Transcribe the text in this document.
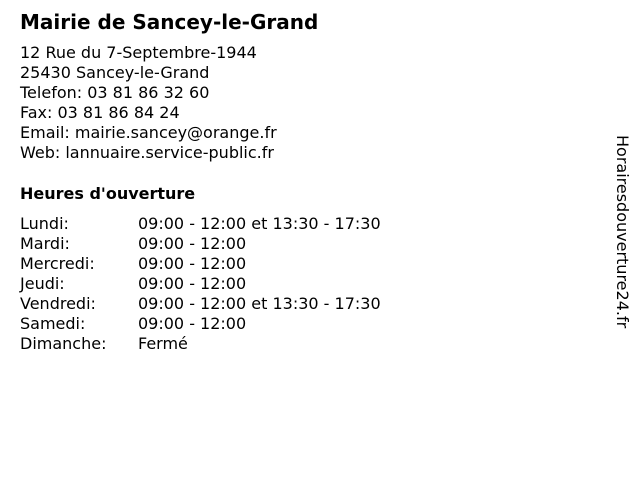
Mairie de Sancey-le-Grand
12 Rue du 7-Septembre-1944
25430 Sancey-le-Grand
Telefon: 03 81 86 32 60
Fax: 03 81 86 84 24
Email: mairie.sancey@orange.fr
Web: lannuaire.service-public.fr
Heures d'ouverture
Lundi:	09:00 - 12:00 et 13:30 - 17:30
Mardi:	09:00 - 12:00
Mercredi:	09:00 - 12:00
Jeudi:	09:00 - 12:00
Vendredi:	09:00 - 12:00 et 13:30 - 17:30
Samedi:	09:00 - 12:00
Dimanche:	Fermé
Horairesdouverture24.fr
